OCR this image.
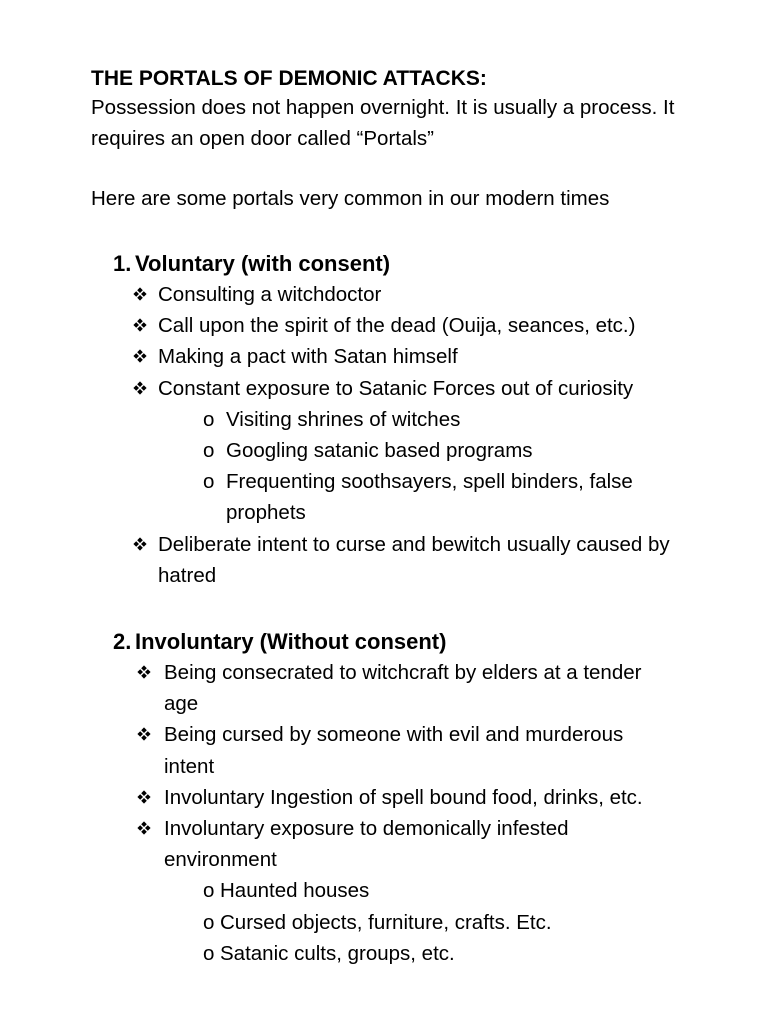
THE PORTALS OF DEMONIC ATTACKS:
Possession does not happen overnight. It is usually a process. It
requires an open door called “Portals”
Here are some portals very common in our modern times
1. Voluntary (with consent)
Consulting a witchdoctor
Call upon the spirit of the dead (Ouija, seances, etc.)
Making a pact with Satan himself
Constant exposure to Satanic Forces out of curiosity
o Visiting shrines of witches
o Googling satanic based programs
o Frequenting soothsayers, spell binders, false
prophets
Deliberate intent to curse and bewitch usually caused by
hatred
2. Involuntary (Without consent)
Being consecrated to witchcraft by elders at a tender
age
Being cursed by someone with evil and murderous
intent
Involuntary Ingestion of spell bound food, drinks, etc.
Involuntary exposure to demonically infested
environment
o Haunted houses
o Cursed objects, furniture, crafts. Etc.
o Satanic cults, groups, etc.
